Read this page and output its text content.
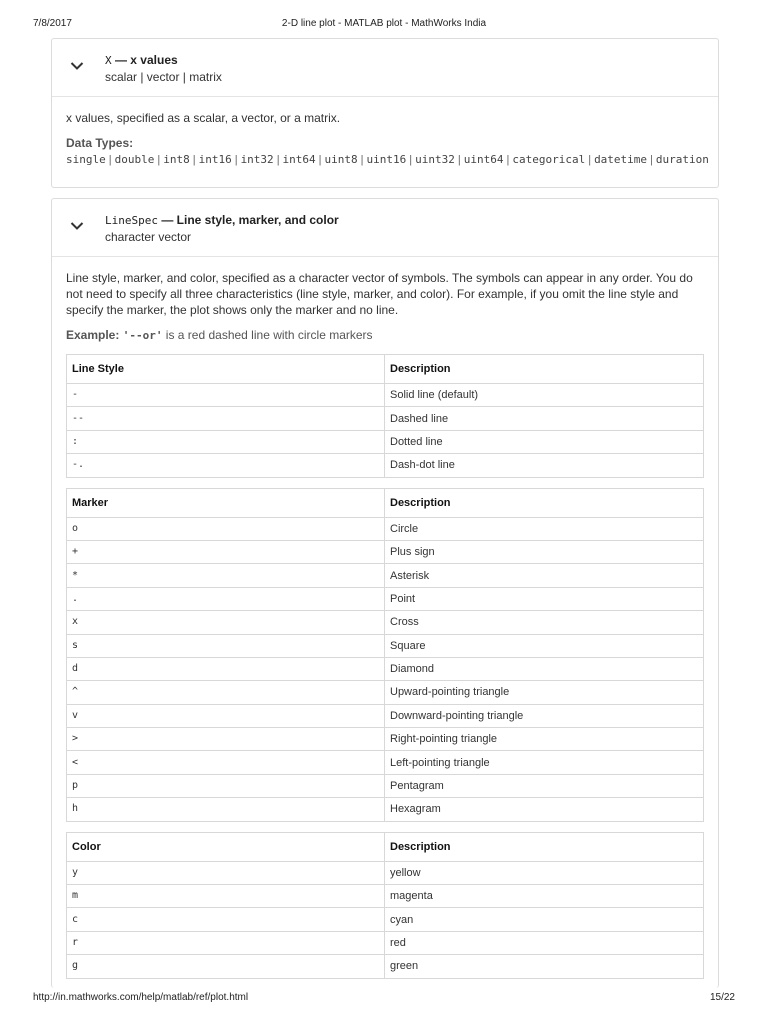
7/8/2017	2-D line plot - MATLAB plot - MathWorks India
X — x values
scalar | vector | matrix
x values, specified as a scalar, a vector, or a matrix.
Data Types: single | double | int8 | int16 | int32 | int64 | uint8 | uint16 | uint32 | uint64 | categorical | datetime | duration
LineSpec — Line style, marker, and color
character vector
Line style, marker, and color, specified as a character vector of symbols. The symbols can appear in any order. You do not need to specify all three characteristics (line style, marker, and color). For example, if you omit the line style and specify the marker, the plot shows only the marker and no line.
Example: '--or' is a red dashed line with circle markers
Line Style	Description
-	Solid line (default)
--	Dashed line
:	Dotted line
-.	Dash-dot line
Marker	Description
o	Circle
+	Plus sign
*	Asterisk
.	Point
x	Cross
s	Square
d	Diamond
^	Upward-pointing triangle
v	Downward-pointing triangle
>	Right-pointing triangle
<	Left-pointing triangle
p	Pentagram
h	Hexagram
Color	Description
y	yellow
m	magenta
c	cyan
r	red
g	green
http://in.mathworks.com/help/matlab/ref/plot.html	15/22
